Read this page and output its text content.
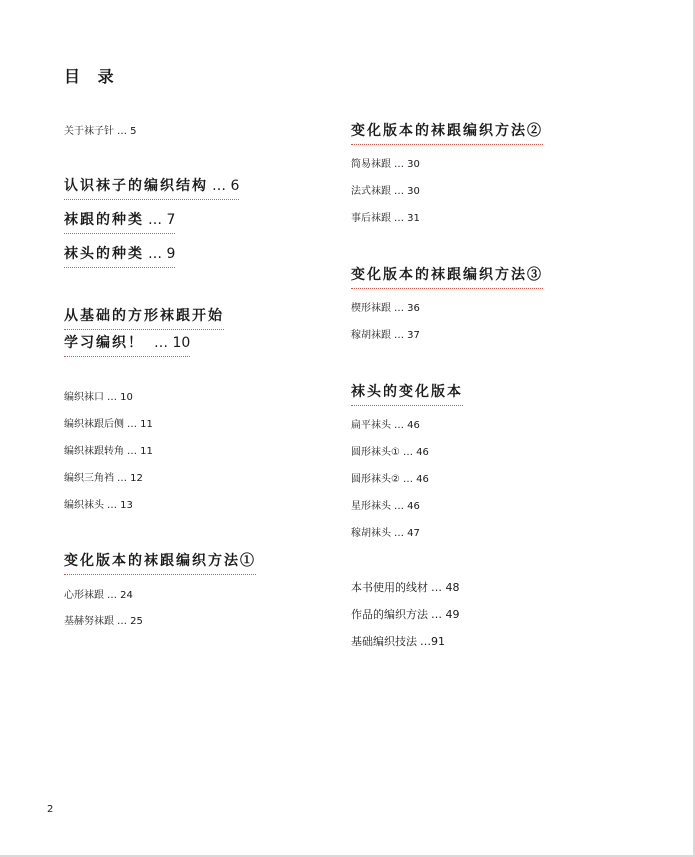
目 录
关于袜子针 … 5
认识袜子的编织结构 … 6
袜跟的种类 … 7
袜头的种类 … 9
从基础的方形袜跟开始
学习编织！ … 10
编织袜口 … 10
编织袜跟后侧 … 11
编织袜跟转角 … 11
编织三角裆 … 12
编织袜头 … 13
变化版本的袜跟编织方法①
心形袜跟 … 24
基赫努袜跟 … 25
变化版本的袜跟编织方法②
简易袜跟 … 30
法式袜跟 … 30
事后袜跟 … 31
变化版本的袜跟编织方法③
楔形袜跟 … 36
稼胡袜跟 … 37
袜头的变化版本
扁平袜头 … 46
圆形袜头① … 46
圆形袜头② … 46
星形袜头 … 46
稼胡袜头 … 47
本书使用的线材 … 48
作品的编织方法 … 49
基础编织技法 …91
2
